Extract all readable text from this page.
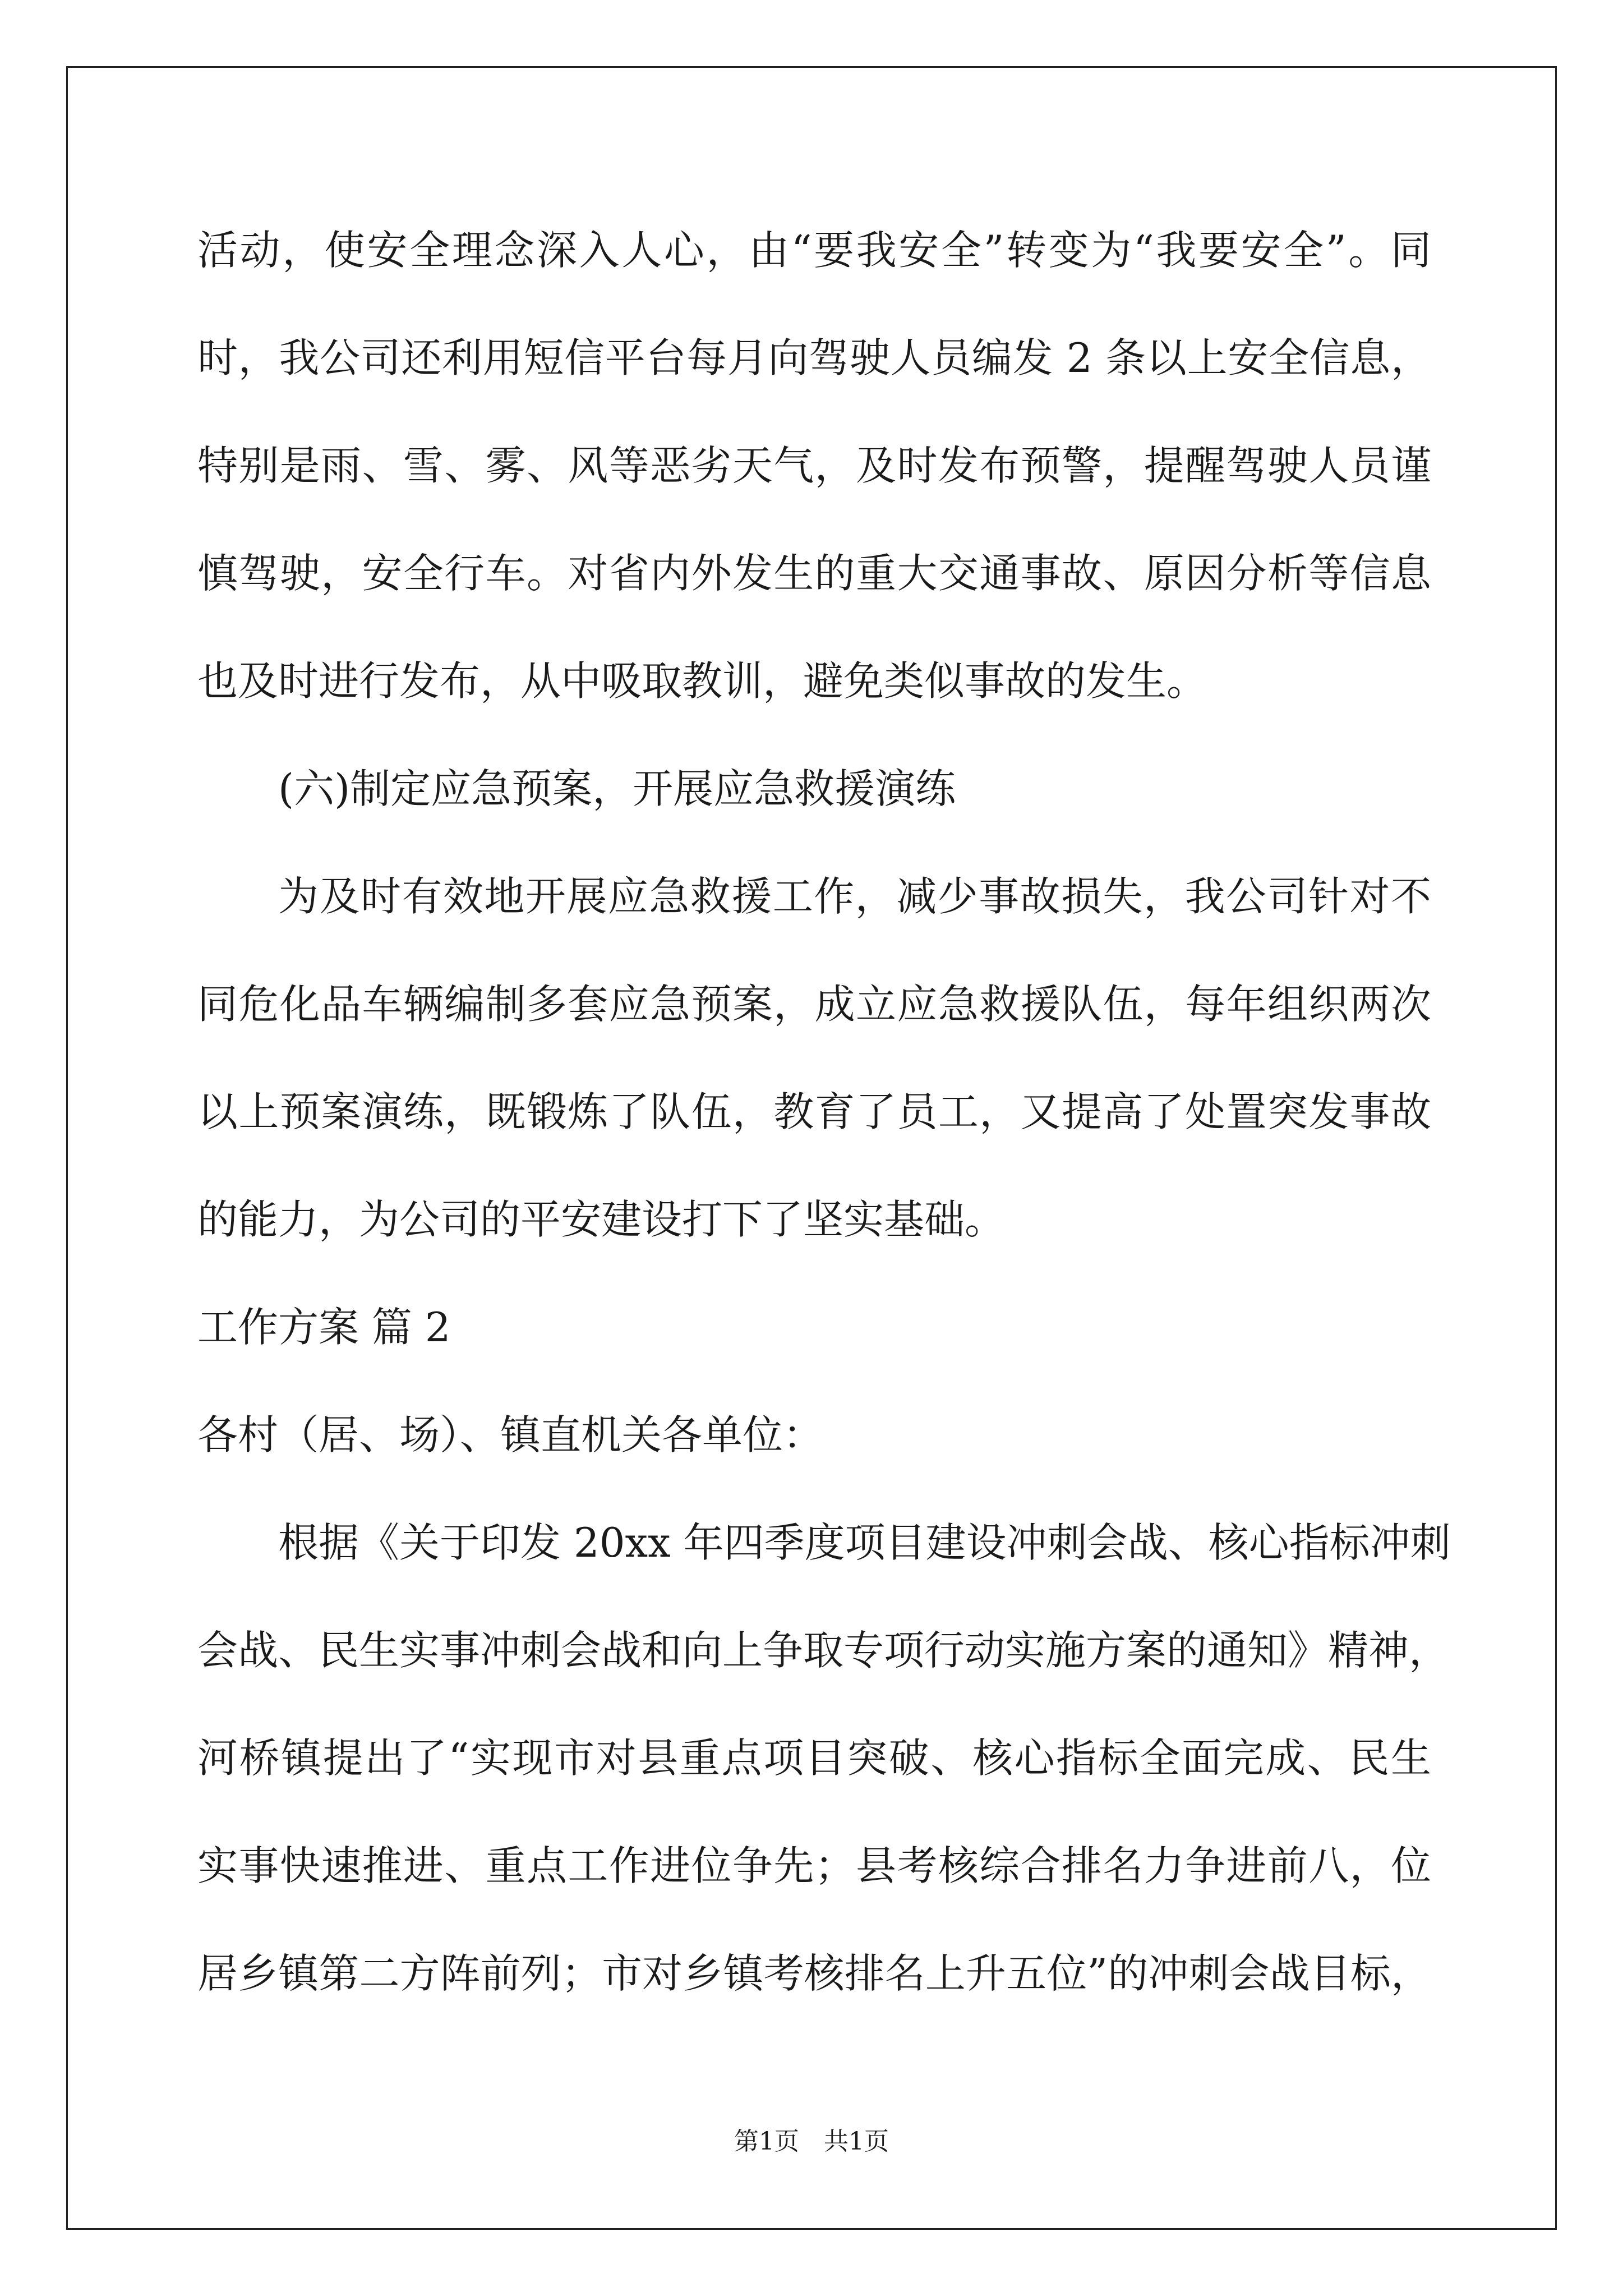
活动，使安全理念深入人心，由“要我安全”转变为“我要安全”。同
时，我公司还利用短信平台每月向驾驶人员编发 2 条以上安全信息，
特别是雨、雪、雾、风等恶劣天气，及时发布预警，提醒驾驶人员谨
慎驾驶，安全行车。对省内外发生的重大交通事故、原因分析等信息
也及时进行发布，从中吸取教训，避免类似事故的发生。
(六)制定应急预案，开展应急救援演练
为及时有效地开展应急救援工作，减少事故损失，我公司针对不
同危化品车辆编制多套应急预案，成立应急救援队伍，每年组织两次
以上预案演练，既锻炼了队伍，教育了员工，又提高了处置突发事故
的能力，为公司的平安建设打下了坚实基础。
工作方案 篇 2
各村（居、场）、镇直机关各单位：
根据《关于印发 20xx 年四季度项目建设冲刺会战、核心指标冲刺
会战、民生实事冲刺会战和向上争取专项行动实施方案的通知》精神，
河桥镇提出了“实现市对县重点项目突破、核心指标全面完成、民生
实事快速推进、重点工作进位争先；县考核综合排名力争进前八，位
居乡镇第二方阵前列；市对乡镇考核排名上升五位”的冲刺会战目标，
第1页　共1页
